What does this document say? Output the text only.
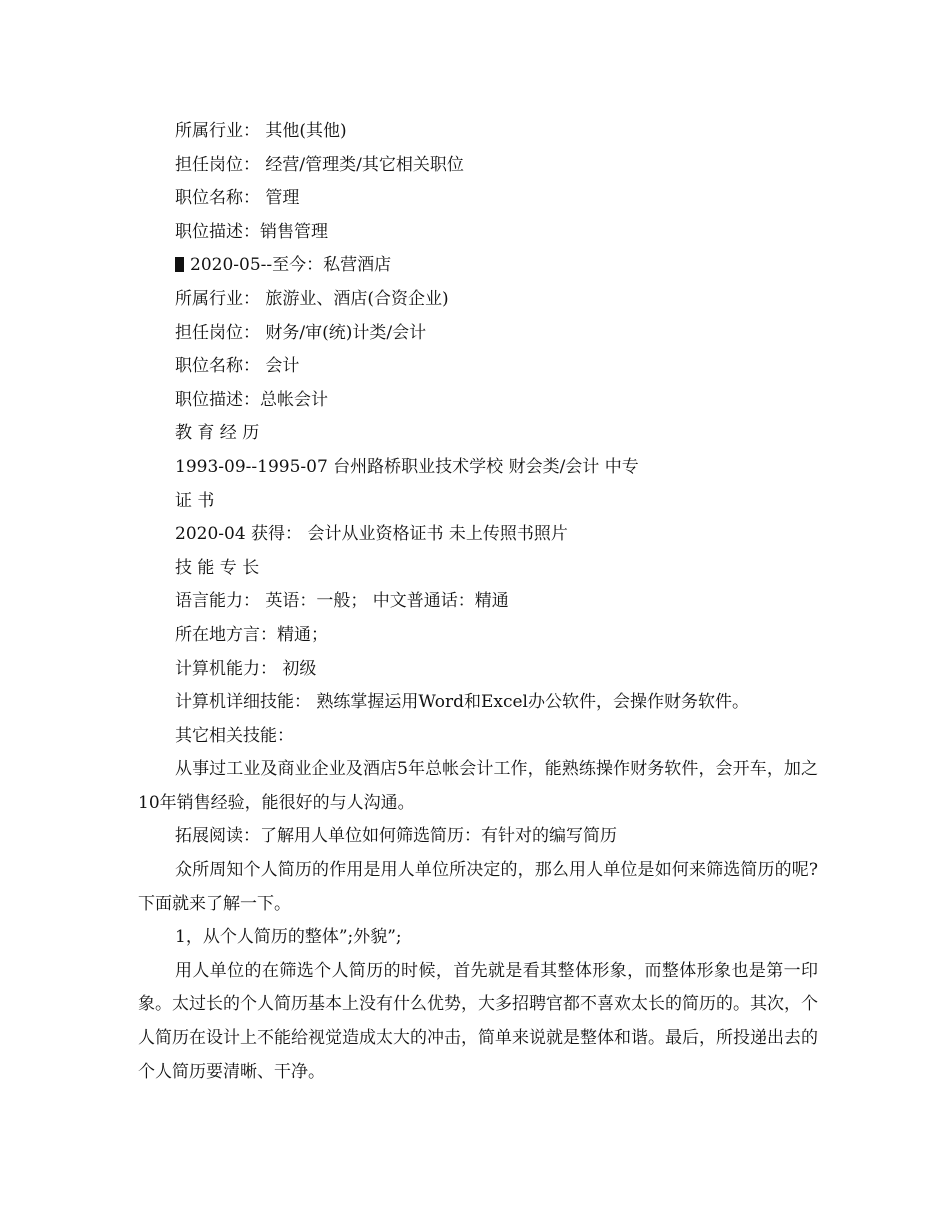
所属行业： 其他(其他)
担任岗位： 经营/管理类/其它相关职位
职位名称： 管理
职位描述：销售管理
2020-05--至今：私营酒店
所属行业： 旅游业、酒店(合资企业)
担任岗位： 财务/审(统)计类/会计
职位名称： 会计
职位描述：总帐会计
教 育 经 历
1993-09--1995-07 台州路桥职业技术学校 财会类/会计 中专
证 书
2020-04 获得： 会计从业资格证书 未上传照书照片
技 能 专 长
语言能力： 英语：一般； 中文普通话：精通
所在地方言：精通；
计算机能力： 初级
计算机详细技能： 熟练掌握运用Word和Excel办公软件，会操作财务软件。
其它相关技能：
从事过工业及商业企业及酒店5年总帐会计工作，能熟练操作财务软件，会开车，加之10年销售经验，能很好的与人沟通。
拓展阅读：了解用人单位如何筛选简历：有针对的编写简历
众所周知个人简历的作用是用人单位所决定的，那么用人单位是如何来筛选简历的呢?下面就来了解一下。
1，从个人简历的整体”;外貌”;
用人单位的在筛选个人简历的时候，首先就是看其整体形象，而整体形象也是第一印象。太过长的个人简历基本上没有什么优势，大多招聘官都不喜欢太长的简历的。其次，个人简历在设计上不能给视觉造成太大的冲击，简单来说就是整体和谐。最后，所投递出去的个人简历要清晰、干净。
